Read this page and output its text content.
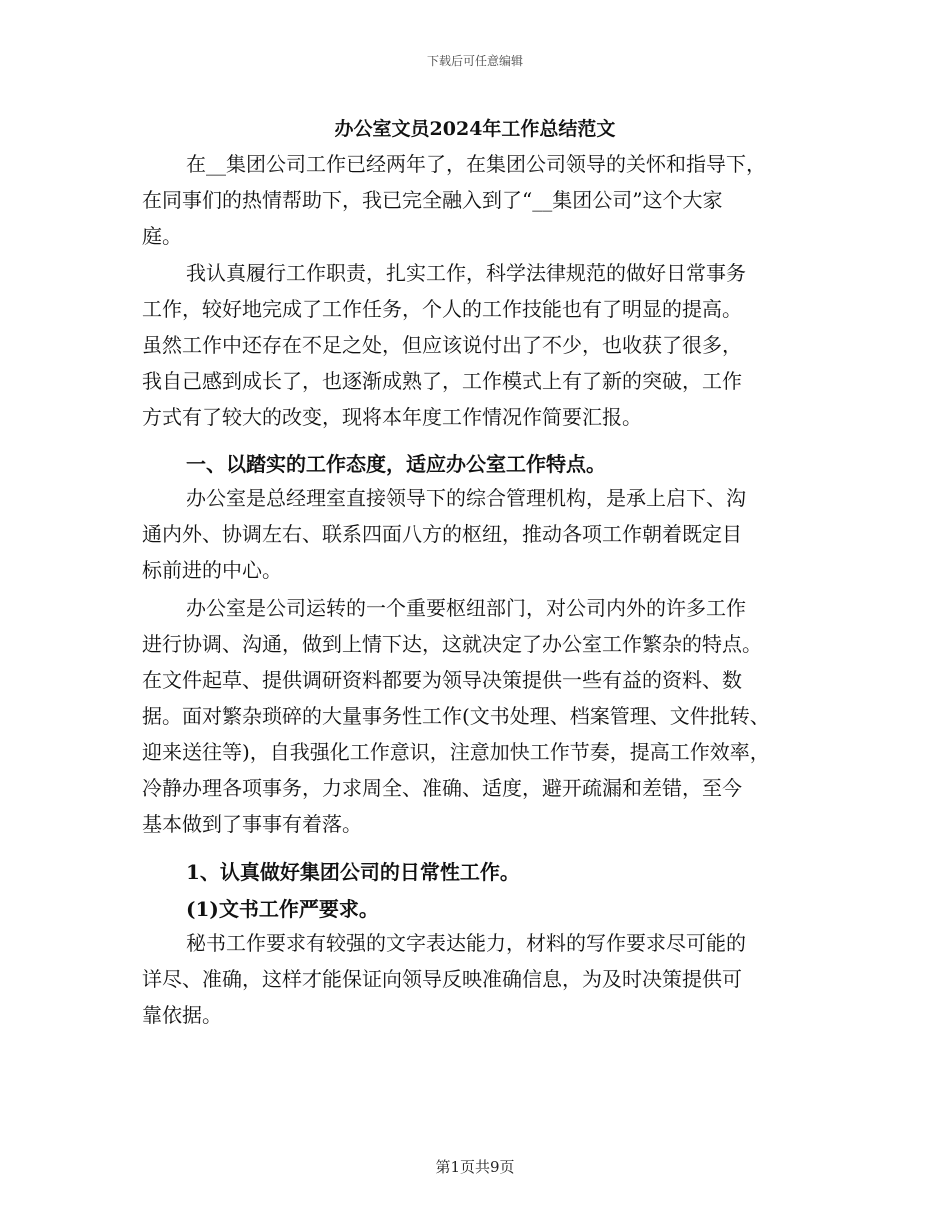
下载后可任意编辑
办公室文员2024年工作总结范文
在__集团公司工作已经两年了，在集团公司领导的关怀和指导下，
在同事们的热情帮助下，我已完全融入到了“__集团公司”这个大家
庭。
我认真履行工作职责，扎实工作，科学法律规范的做好日常事务
工作，较好地完成了工作任务，个人的工作技能也有了明显的提高。
虽然工作中还存在不足之处，但应该说付出了不少，也收获了很多，
我自己感到成长了，也逐渐成熟了，工作模式上有了新的突破，工作
方式有了较大的改变，现将本年度工作情况作简要汇报。
一、以踏实的工作态度，适应办公室工作特点。
办公室是总经理室直接领导下的综合管理机构，是承上启下、沟
通内外、协调左右、联系四面八方的枢纽，推动各项工作朝着既定目
标前进的中心。
办公室是公司运转的一个重要枢纽部门，对公司内外的许多工作
进行协调、沟通，做到上情下达，这就决定了办公室工作繁杂的特点。
在文件起草、提供调研资料都要为领导决策提供一些有益的资料、数
据。面对繁杂琐碎的大量事务性工作(文书处理、档案管理、文件批转、
迎来送往等)，自我强化工作意识，注意加快工作节奏，提高工作效率，
冷静办理各项事务，力求周全、准确、适度，避开疏漏和差错，至今
基本做到了事事有着落。
1、认真做好集团公司的日常性工作。
(1)文书工作严要求。
秘书工作要求有较强的文字表达能力，材料的写作要求尽可能的
详尽、准确，这样才能保证向领导反映准确信息，为及时决策提供可
靠依据。
第1页共9页
